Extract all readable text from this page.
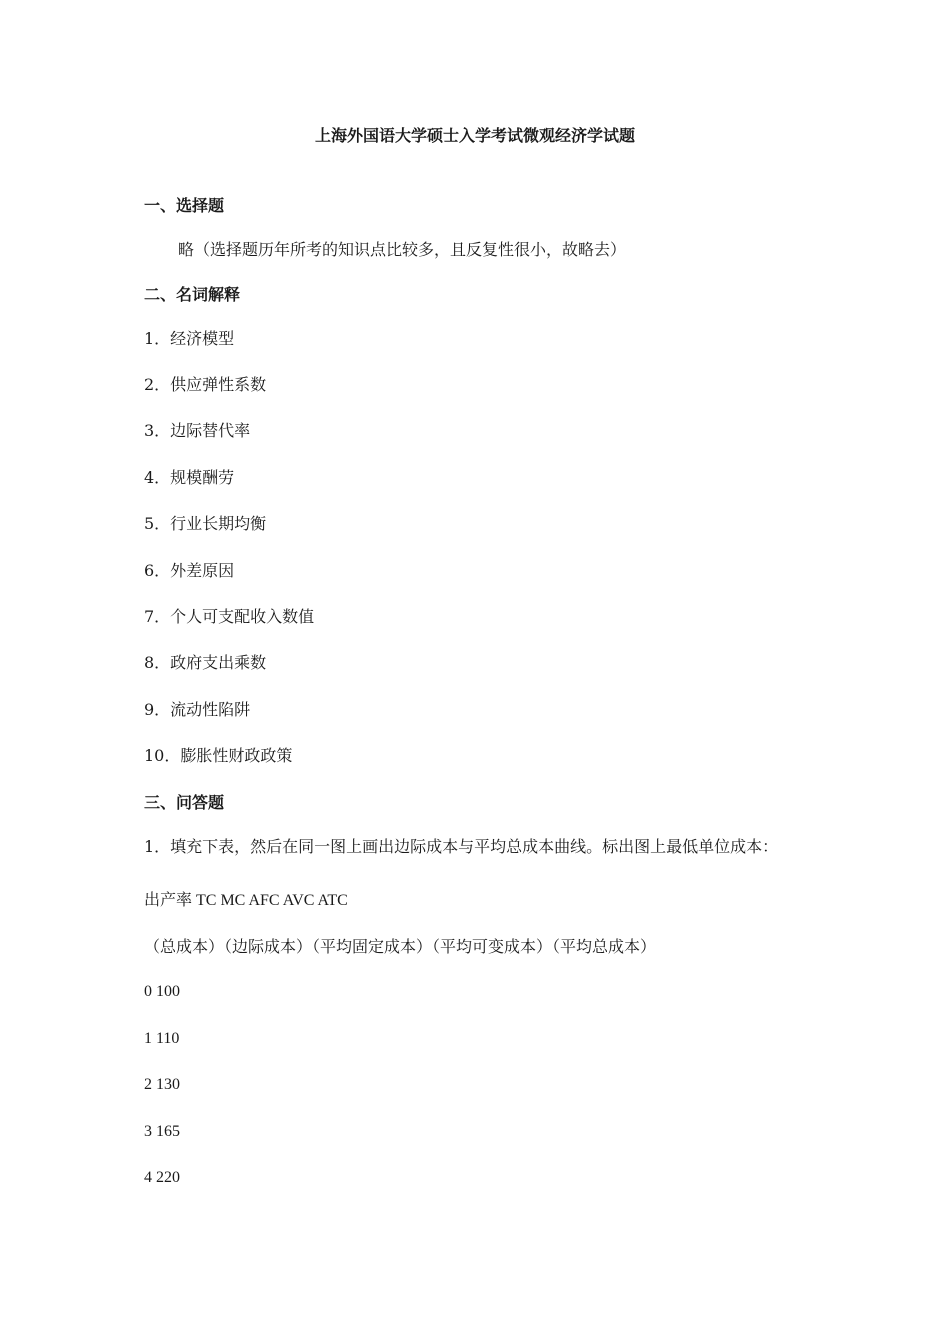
上海外国语大学硕士入学考试微观经济学试题
一、选择题
略（选择题历年所考的知识点比较多，且反复性很小，故略去）
二、名词解释
1．经济模型
2．供应弹性系数
3．边际替代率
4．规模酬劳
5．行业长期均衡
6．外差原因
7．个人可支配收入数值
8．政府支出乘数
9．流动性陷阱
10．膨胀性财政政策
三、问答题
1．填充下表，然后在同一图上画出边际成本与平均总成本曲线。标出图上最低单位成本：
出产率 TC MC AFC AVC ATC
（总成本）（边际成本）（平均固定成本）（平均可变成本）（平均总成本）
0 100
1 110
2 130
3 165
4 220
